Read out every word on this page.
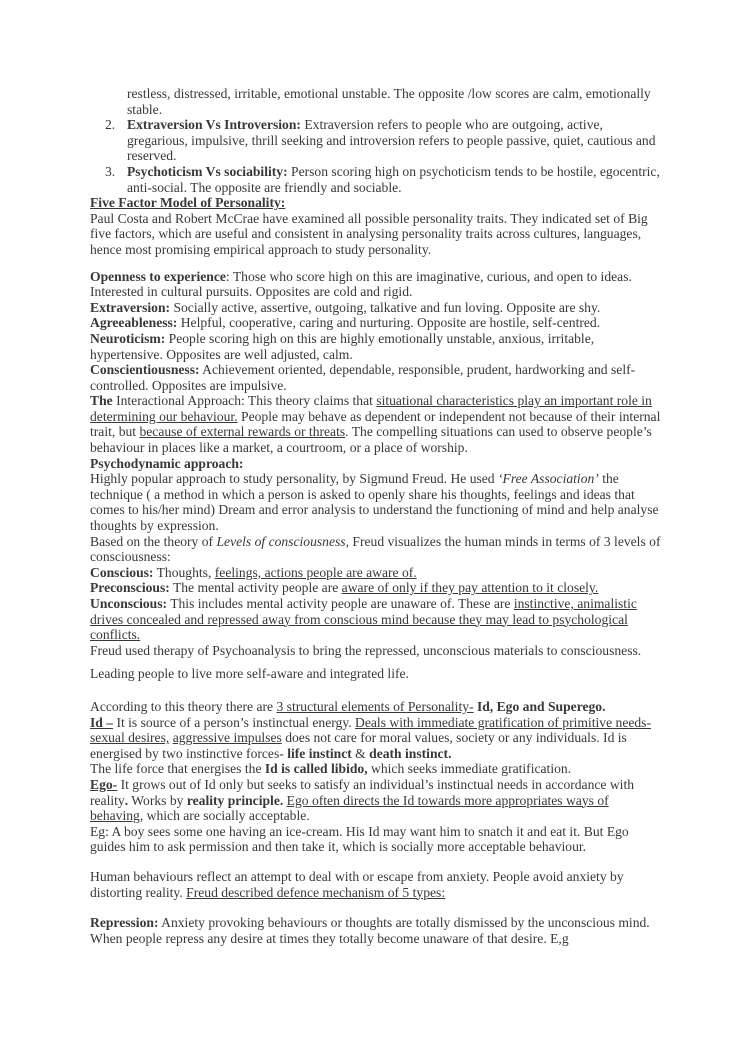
restless, distressed, irritable, emotional unstable. The opposite /low scores are calm, emotionally stable.
2. Extraversion Vs Introversion: Extraversion refers to people who are outgoing, active, gregarious, impulsive, thrill seeking and introversion refers to people passive, quiet, cautious and reserved.
3. Psychoticism Vs sociability: Person scoring high on psychoticism tends to be hostile, egocentric, anti-social. The opposite are friendly and sociable.
Five Factor Model of Personality:
Paul Costa and Robert McCrae have examined all possible personality traits. They indicated set of Big five factors, which are useful and consistent in analysing personality traits across cultures, languages, hence most promising empirical approach to study personality.
Openness to experience: Those who score high on this are imaginative, curious, and open to ideas. Interested in cultural pursuits. Opposites are cold and rigid.
Extraversion: Socially active, assertive, outgoing, talkative and fun loving. Opposite are shy.
Agreeableness: Helpful, cooperative, caring and nurturing. Opposite are hostile, self-centred.
Neuroticism: People scoring high on this are highly emotionally unstable, anxious, irritable, hypertensive. Opposites are well adjusted, calm.
Conscientiousness: Achievement oriented, dependable, responsible, prudent, hardworking and self-controlled. Opposites are impulsive.
The Interactional Approach: This theory claims that situational characteristics play an important role in determining our behaviour. People may behave as dependent or independent not because of their internal trait, but because of external rewards or threats. The compelling situations can used to observe people’s behaviour in places like a market, a courtroom, or a place of worship.
Psychodynamic approach:
Highly popular approach to study personality, by Sigmund Freud. He used ‘Free Association’ the technique ( a method in which a person is asked to openly share his thoughts, feelings and ideas that comes to his/her mind) Dream and error analysis to understand the functioning of mind and help analyse thoughts by expression.
Based on the theory of Levels of consciousness, Freud visualizes the human minds in terms of 3 levels of consciousness:
Conscious: Thoughts, feelings, actions people are aware of.
Preconscious: The mental activity people are aware of only if they pay attention to it closely.
Unconscious: This includes mental activity people are unaware of. These are instinctive, animalistic drives concealed and repressed away from conscious mind because they may lead to psychological conflicts.
Freud used therapy of Psychoanalysis to bring the repressed, unconscious materials to consciousness.
Leading people to live more self-aware and integrated life.
According to this theory there are 3 structural elements of Personality- Id, Ego and Superego.
Id – It is source of a person’s instinctual energy. Deals with immediate gratification of primitive needs- sexual desires, aggressive impulses does not care for moral values, society or any individuals. Id is energised by two instinctive forces- life instinct & death instinct.
The life force that energises the Id is called libido, which seeks immediate gratification.
Ego- It grows out of Id only but seeks to satisfy an individual’s instinctual needs in accordance with reality. Works by reality principle. Ego often directs the Id towards more appropriates ways of behaving, which are socially acceptable.
Eg: A boy sees some one having an ice-cream. His Id may want him to snatch it and eat it. But Ego guides him to ask permission and then take it, which is socially more acceptable behaviour.
Human behaviours reflect an attempt to deal with or escape from anxiety. People avoid anxiety by distorting reality. Freud described defence mechanism of 5 types:
Repression: Anxiety provoking behaviours or thoughts are totally dismissed by the unconscious mind. When people repress any desire at times they totally become unaware of that desire. E,g
